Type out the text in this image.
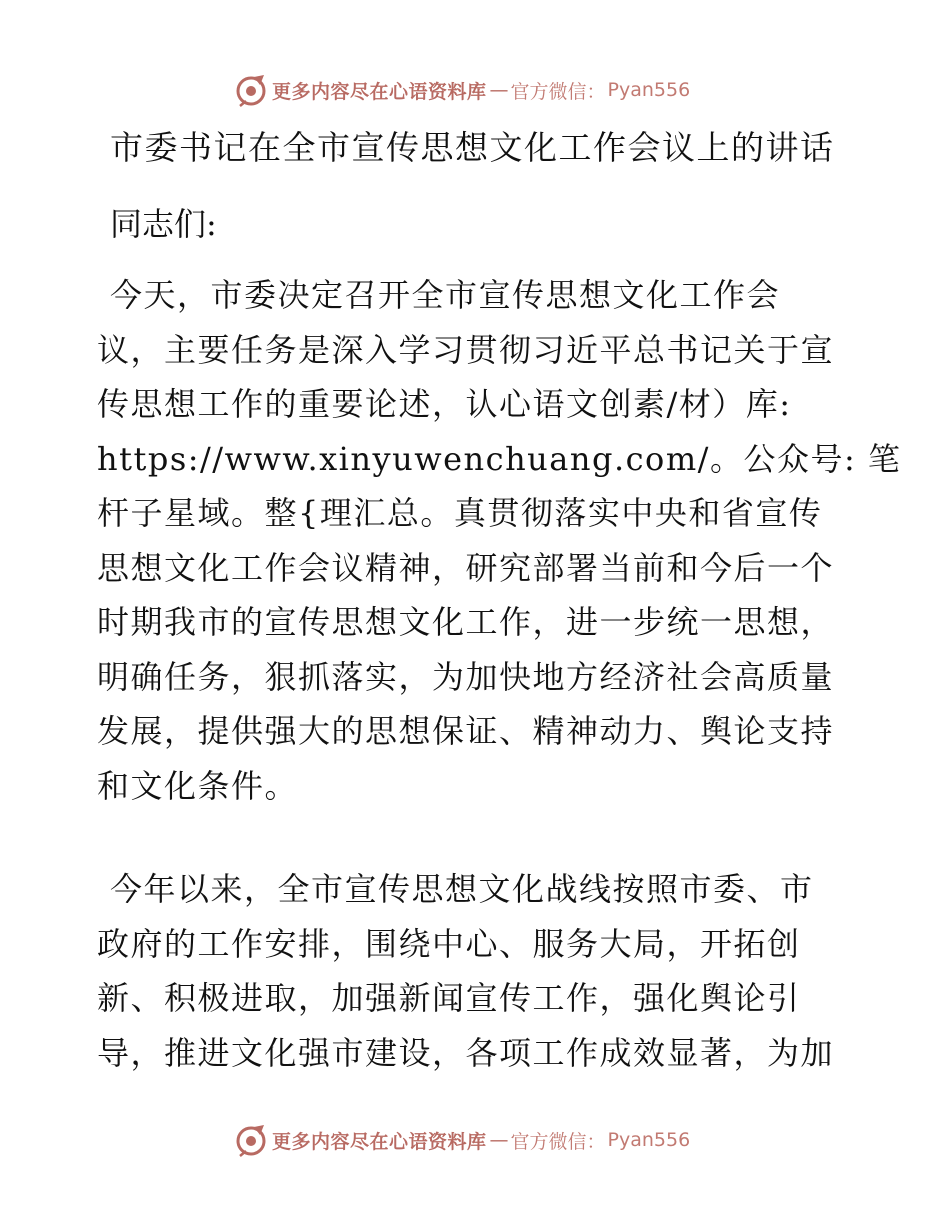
更多内容尽在心语资料库 — 官方微信： Pyan556
市委书记在全市宣传思想文化工作会议上的讲话

同志们:

今天，市委决定召开全市宣传思想文化工作会
议，主要任务是深入学习贯彻习近平总书记关于宣
传思想工作的重要论述，认心语文创素/材）库:
https://www.xinyuwenchuang.com/。公众号: 笔
杆子星域。整{理汇总。真贯彻落实中央和省宣传
思想文化工作会议精神，研究部署当前和今后一个
时期我市的宣传思想文化工作，进一步统一思想，
明确任务，狠抓落实，为加快地方经济社会高质量
发展，提供强大的思想保证、精神动力、舆论支持
和文化条件。
今年以来，全市宣传思想文化战线按照市委、市
政府的工作安排，围绕中心、服务大局，开拓创
新、积极进取，加强新闻宣传工作，强化舆论引
导，推进文化强市建设，各项工作成效显著，为加
更多内容尽在心语资料库 — 官方微信： Pyan556
